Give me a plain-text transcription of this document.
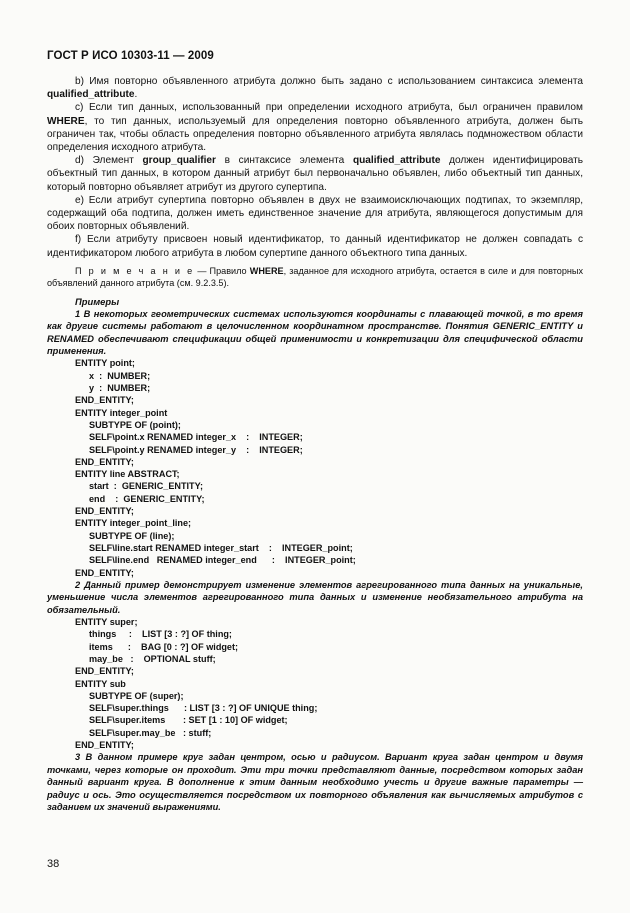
ГОСТ Р ИСО 10303-11 — 2009

b) Имя повторно объявленного атрибута должно быть задано с использованием синтаксиса элемента qualified_attribute.

c) Если тип данных, использованный при определении исходного атрибута, был ограничен правилом WHERE, то тип данных, используемый для определения повторно объявленного атрибута, должен быть ограничен так, чтобы область определения повторно объявленного атрибута являлась подмножеством области определения исходного атрибута.

d) Элемент group_qualifier в синтаксисе элемента qualified_attribute должен идентифицировать объектный тип данных, в котором данный атрибут был первоначально объявлен, либо объектный тип данных, который повторно объявляет атрибут из другого супертипа.

e) Если атрибут супертипа повторно объявлен в двух не взаимоисключающих подтипах, то экземпляр, содержащий оба подтипа, должен иметь единственное значение для атрибута, являющегося допустимым для обоих повторных объявлений.

f) Если атрибуту присвоен новый идентификатор, то данный идентификатор не должен совпадать с идентификатором любого атрибута в любом супертипе данного объектного типа данных.

П р и м е ч а н и е — Правило WHERE, заданное для исходного атрибута, остается в силе и для повторных объявлений данного атрибута (см. 9.2.3.5).

Примеры

1 В некоторых геометрических системах используются координаты с плавающей точкой, в то время как другие системы работают в целочисленном координатном пространстве. Понятия GENERIC_ENTITY и RENAMED обеспечивают спецификации общей применимости и конкретизации для специфической области применения.

ENTITY point;
x  :  NUMBER;
y  :  NUMBER;
END_ENTITY;
ENTITY integer_point
SUBTYPE OF (point);
SELF\point.x RENAMED integer_x    :    INTEGER;
SELF\point.y RENAMED integer_y    :    INTEGER;
END_ENTITY;
ENTITY line ABSTRACT;
start  :  GENERIC_ENTITY;
end    :  GENERIC_ENTITY;
END_ENTITY;
ENTITY integer_point_line;
SUBTYPE OF (line);
SELF\line.start RENAMED integer_start    :    INTEGER_point;
SELF\line.end   RENAMED integer_end      :    INTEGER_point;
END_ENTITY;

2 Данный пример демонстрирует изменение элементов агрегированного типа данных на уникальные, уменьшение числа элементов агрегированного типа данных и изменение необязательного атрибута на обязательный.

ENTITY super;
things     :    LIST [3 : ?] OF thing;
items      :    BAG [0 : ?] OF widget;
may_be   :    OPTIONAL stuff;
END_ENTITY;
ENTITY sub
SUBTYPE OF (super);
SELF\super.things      : LIST [3 : ?] OF UNIQUE thing;
SELF\super.items       : SET [1 : 10] OF widget;
SELF\super.may_be   : stuff;
END_ENTITY;

3 В данном примере круг задан центром, осью и радиусом. Вариант круга задан центром и двумя точками, через которые он проходит. Эти три точки представляют данные, посредством которых задан данный вариант круга. В дополнение к этим данным необходимо учесть и другие важные параметры — радиус и ось. Это осуществляется посредством их повторного объявления как вычисляемых атрибутов с заданием их значений выражениями.

38
